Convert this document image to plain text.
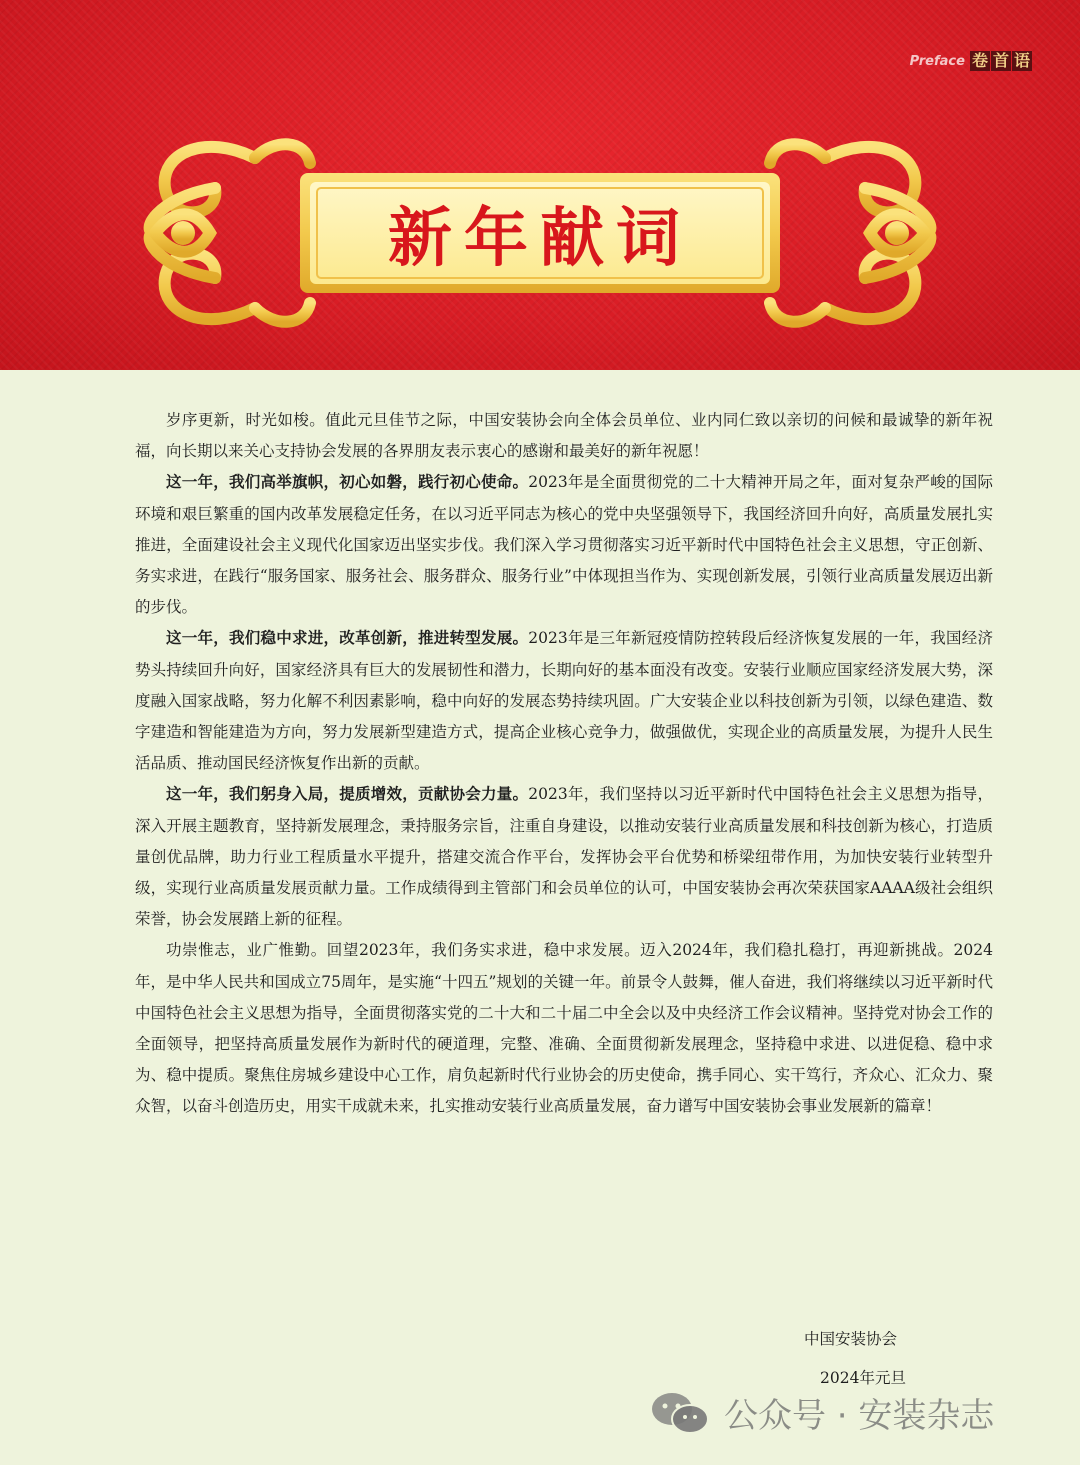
Preface 卷 首 语
新年献词

岁序更新，时光如梭。值此元旦佳节之际，中国安装协会向全体会员单位、业内同仁致以亲切的问候和最诚挚的新年祝福，向长期以来关心支持协会发展的各界朋友表示衷心的感谢和最美好的新年祝愿！

这一年，我们高举旗帜，初心如磐，践行初心使命。2023年是全面贯彻党的二十大精神开局之年，面对复杂严峻的国际环境和艰巨繁重的国内改革发展稳定任务，在以习近平同志为核心的党中央坚强领导下，我国经济回升向好，高质量发展扎实推进，全面建设社会主义现代化国家迈出坚实步伐。我们深入学习贯彻落实习近平新时代中国特色社会主义思想，守正创新、务实求进，在践行“服务国家、服务社会、服务群众、服务行业”中体现担当作为、实现创新发展，引领行业高质量发展迈出新的步伐。

这一年，我们稳中求进，改革创新，推进转型发展。2023年是三年新冠疫情防控转段后经济恢复发展的一年，我国经济势头持续回升向好，国家经济具有巨大的发展韧性和潜力，长期向好的基本面没有改变。安装行业顺应国家经济发展大势，深度融入国家战略，努力化解不利因素影响，稳中向好的发展态势持续巩固。广大安装企业以科技创新为引领，以绿色建造、数字建造和智能建造为方向，努力发展新型建造方式，提高企业核心竞争力，做强做优，实现企业的高质量发展，为提升人民生活品质、推动国民经济恢复作出新的贡献。

这一年，我们躬身入局，提质增效，贡献协会力量。2023年，我们坚持以习近平新时代中国特色社会主义思想为指导，深入开展主题教育，坚持新发展理念，秉持服务宗旨，注重自身建设，以推动安装行业高质量发展和科技创新为核心，打造质量创优品牌，助力行业工程质量水平提升，搭建交流合作平台，发挥协会平台优势和桥梁纽带作用，为加快安装行业转型升级，实现行业高质量发展贡献力量。工作成绩得到主管部门和会员单位的认可，中国安装协会再次荣获国家AAAA级社会组织荣誉，协会发展踏上新的征程。

功崇惟志，业广惟勤。回望2023年，我们务实求进，稳中求发展。迈入2024年，我们稳扎稳打，再迎新挑战。2024年，是中华人民共和国成立75周年，是实施“十四五”规划的关键一年。前景令人鼓舞，催人奋进，我们将继续以习近平新时代中国特色社会主义思想为指导，全面贯彻落实党的二十大和二十届二中全会以及中央经济工作会议精神。坚持党对协会工作的全面领导，把坚持高质量发展作为新时代的硬道理，完整、准确、全面贯彻新发展理念，坚持稳中求进、以进促稳、稳中求为、稳中提质。聚焦住房城乡建设中心工作，肩负起新时代行业协会的历史使命，携手同心、实干笃行，齐众心、汇众力、聚众智，以奋斗创造历史，用实干成就未来，扎实推动安装行业高质量发展，奋力谱写中国安装协会事业发展新的篇章！

中国安装协会
2024年元旦
公众号 · 安装杂志
